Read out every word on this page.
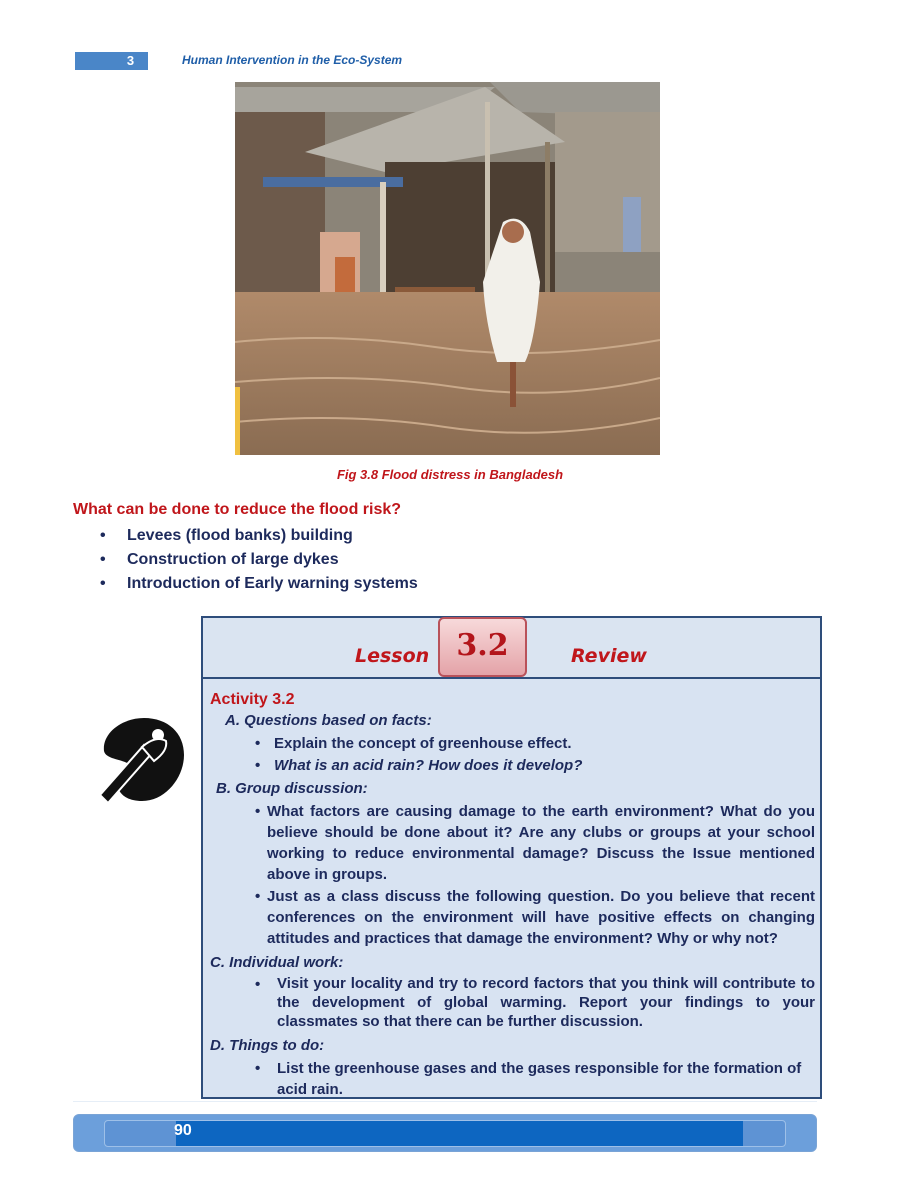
3	Human Intervention in the Eco-System
Fig 3.8 Flood distress in Bangladesh
What can be done to reduce the flood risk?
• Levees (flood banks) building
• Construction of large dykes
• Introduction of Early warning systems
Lesson 3.2	Review
Activity 3.2
A. Questions based on facts:
• Explain the concept of greenhouse effect.
• What is an acid rain? How does it develop?
B. Group discussion:
• What factors are causing damage to the earth environment? What do you believe should be done about it? Are any clubs or groups at your school working to reduce environmental damage? Discuss the Issue mentioned above in groups.
• Just as a class discuss the following question. Do you believe that recent conferences on the environment will have positive effects on changing attitudes and practices that damage the environment? Why or why not?
C. Individual work:
• Visit your locality and try to record factors that you think will contribute to the development of global warming. Report your findings to your classmates so that there can be further discussion.
D. Things to do:
• List the greenhouse gases and the gases responsible for the formation of acid rain.
90
